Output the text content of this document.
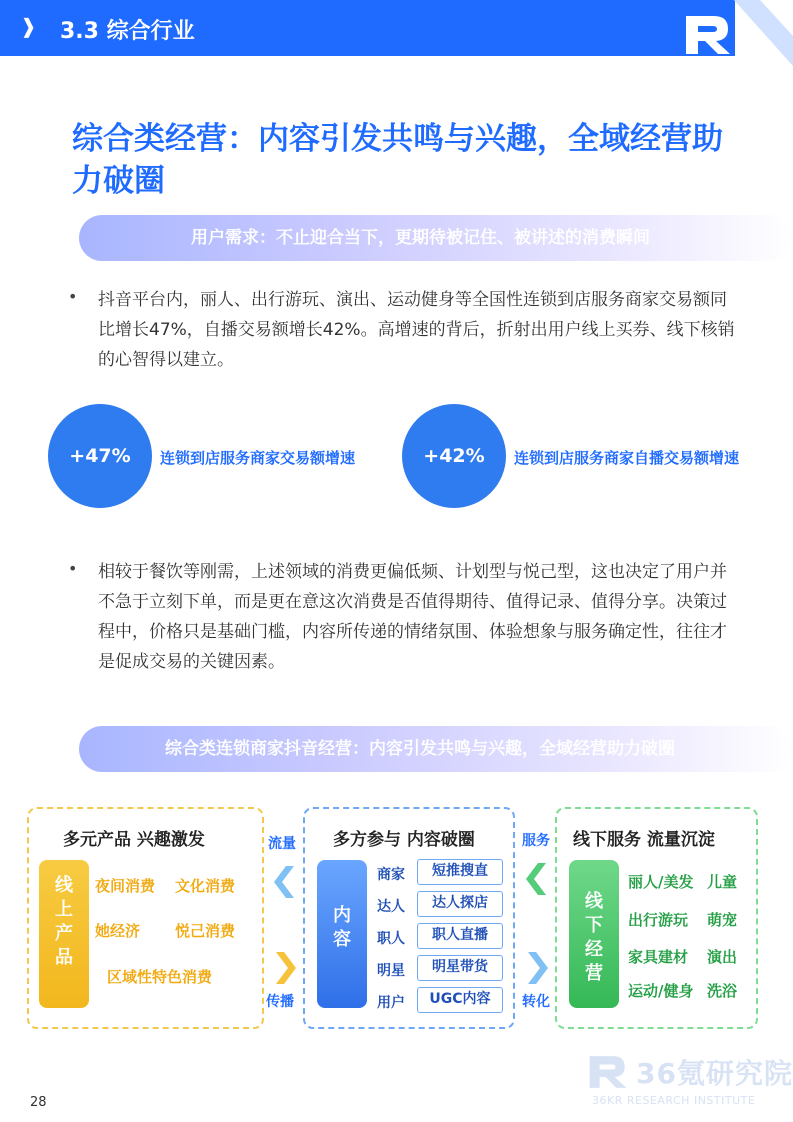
❱ 3.3 综合行业
综合类经营：内容引发共鸣与兴趣，全域经营助力破圈
用户需求：不止迎合当下，更期待被记住、被讲述的消费瞬间
• 抖音平台内，丽人、出行游玩、演出、运动健身等全国性连锁到店服务商家交易额同比增长47%，自播交易额增长42%。高增速的背后，折射出用户线上买券、线下核销的心智得以建立。

+47%	连锁到店服务商家交易额增速	+42%	连锁到店服务商家自播交易额增速
• 相较于餐饮等刚需，上述领域的消费更偏低频、计划型与悦己型，这也决定了用户并不急于立刻下单，而是更在意这次消费是否值得期待、值得记录、值得分享。决策过程中，价格只是基础门槛，内容所传递的情绪氛围、体验想象与服务确定性，往往才是促成交易的关键因素。

综合类连锁商家抖音经营：内容引发共鸣与兴趣，全域经营助力破圈
多元产品 兴趣激发
线
上
产
品
夜间消费 文化消费
她经济 悦己消费
区域性特色消费
流量
传播
多方参与 内容破圈
内
容
商家	短推搜直
达人	达人探店
职人	职人直播
明星	明星带货
用户	UGC内容
服务
转化
线下服务 流量沉淀
线
下
经
营
丽人/美发 儿童
出行游玩 萌宠
家具建材 演出
运动/健身 洗浴
28
36氪研究院
36KR RESEARCH INSTITUTE
